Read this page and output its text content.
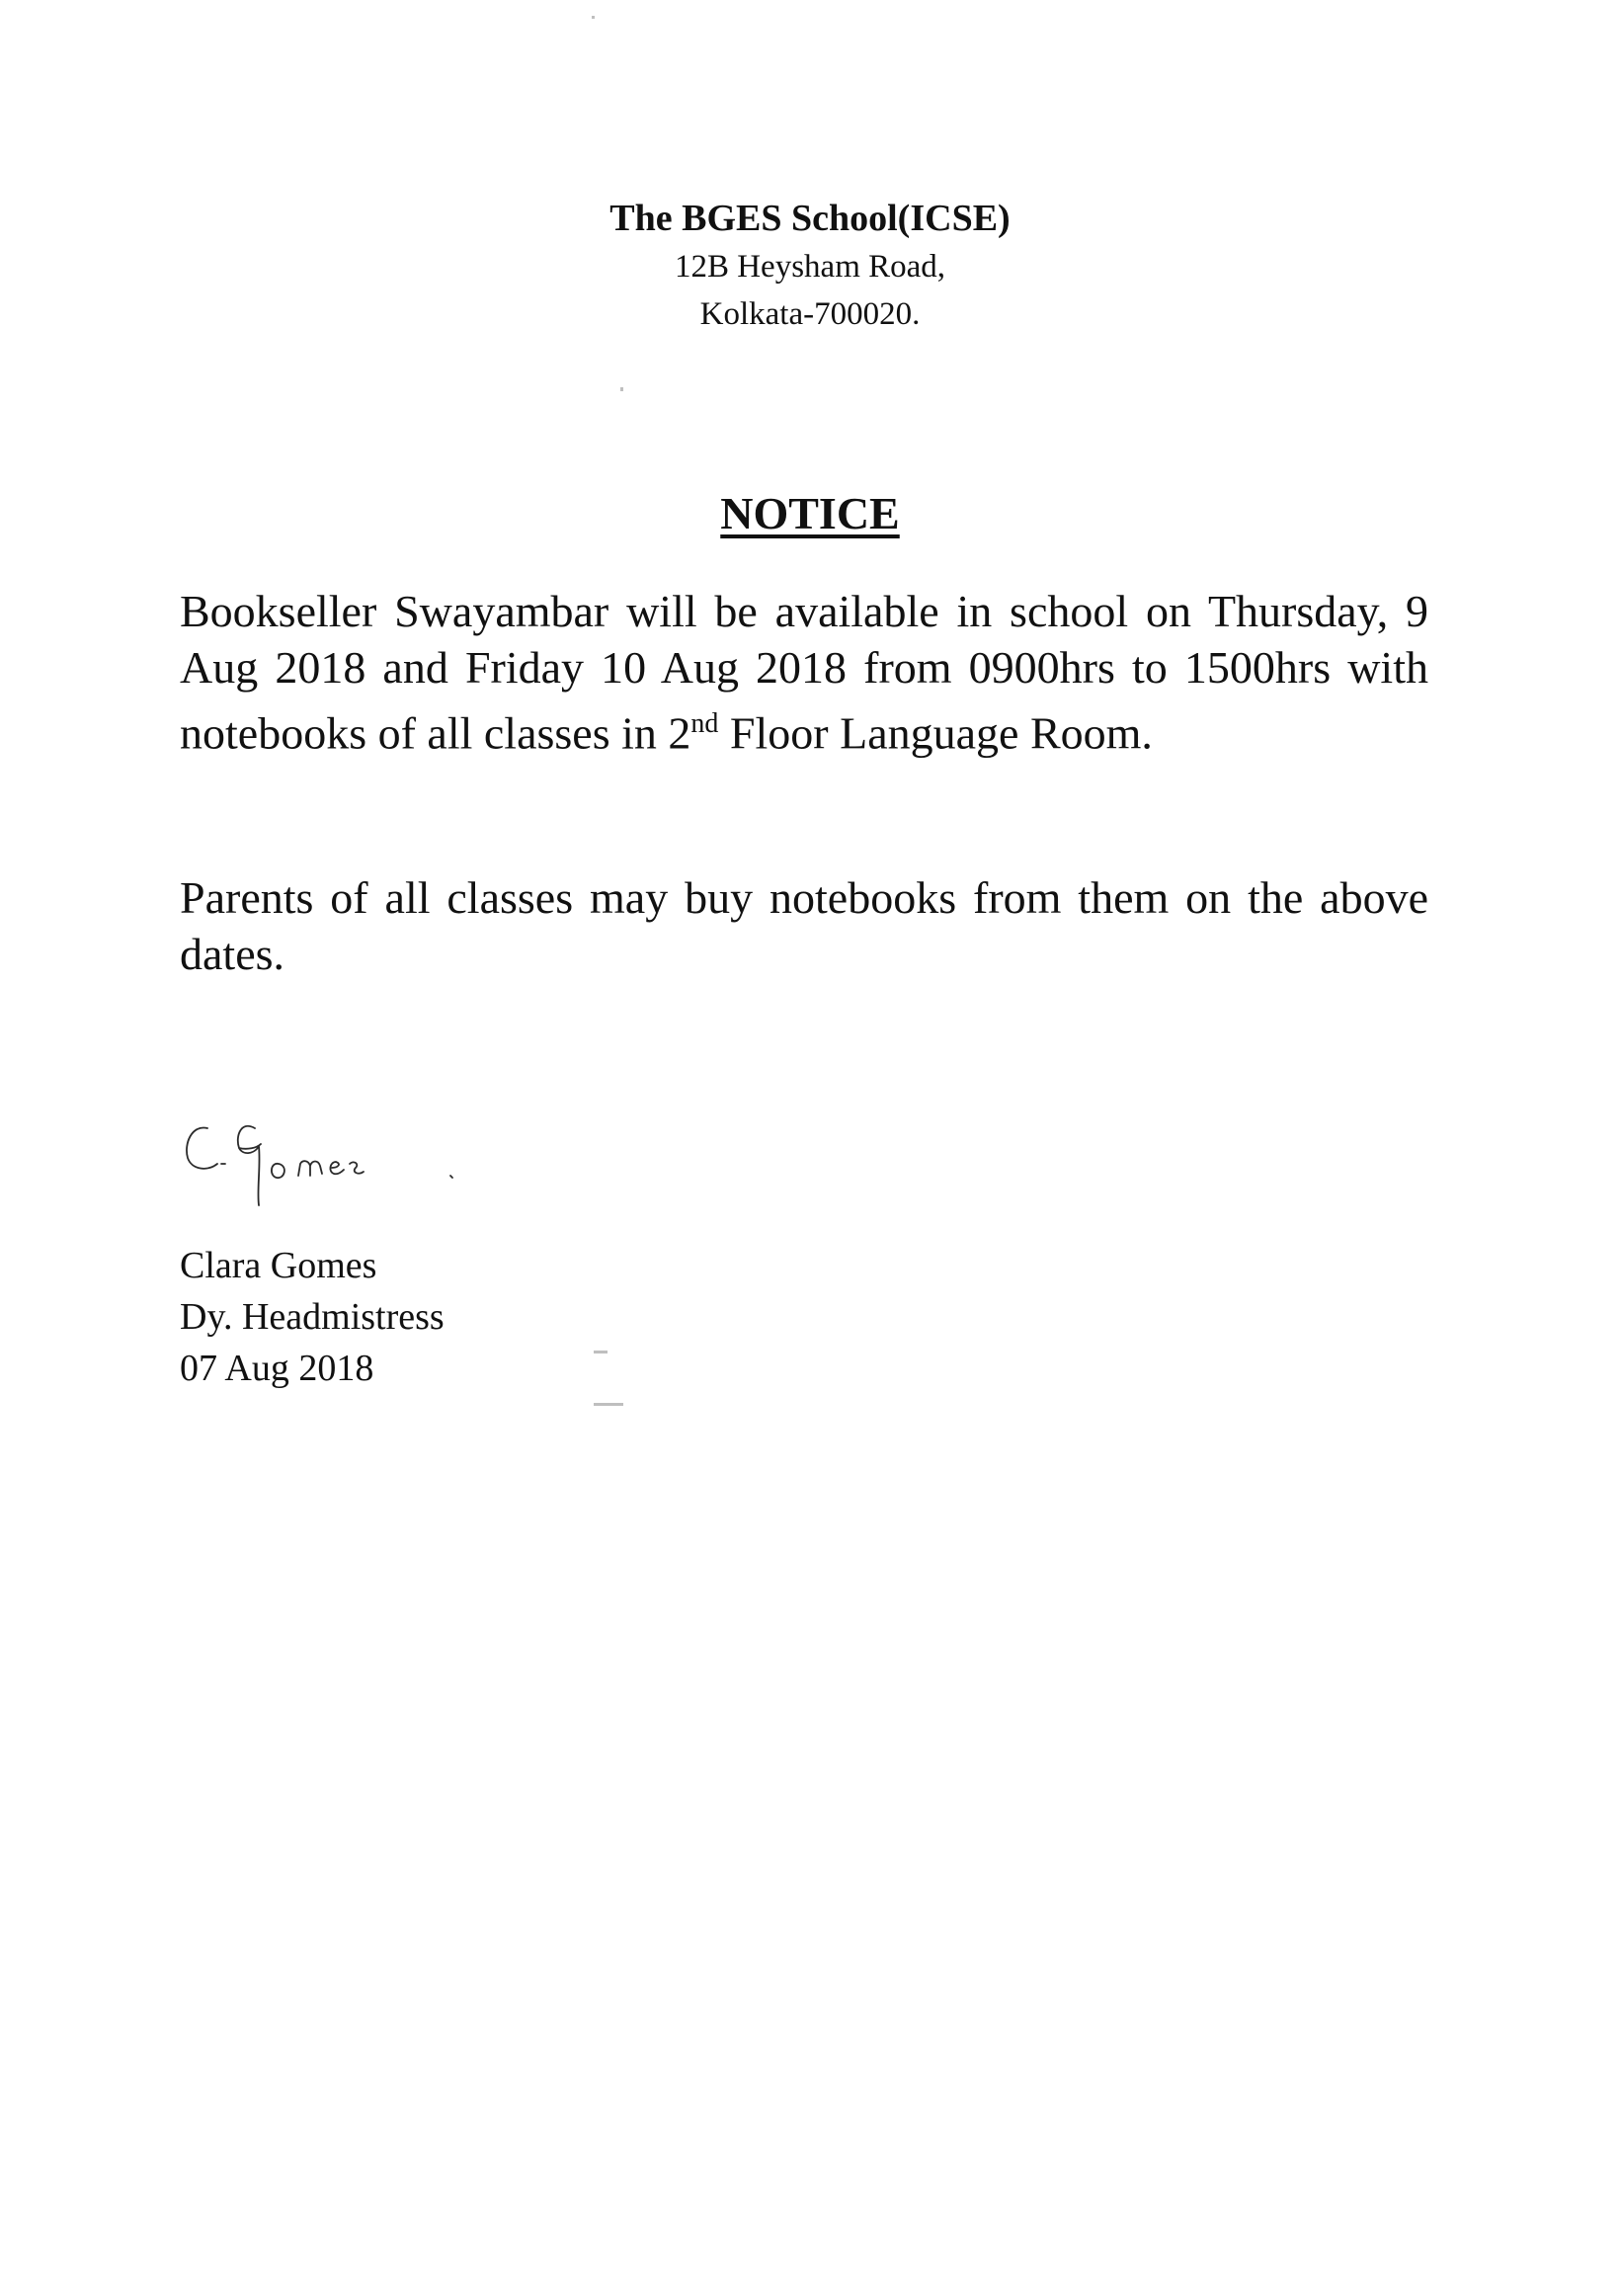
The BGES School(ICSE)

12B Heysham Road,

Kolkata-700020.

NOTICE

Bookseller Swayambar will be available in school on Thursday, 9 Aug 2018 and Friday 10 Aug 2018 from 0900hrs to 1500hrs with notebooks of all classes in 2nd Floor Language Room.

Parents of all classes may buy notebooks from them on the above dates.

Clara Gomes
Dy. Headmistress
07 Aug 2018
